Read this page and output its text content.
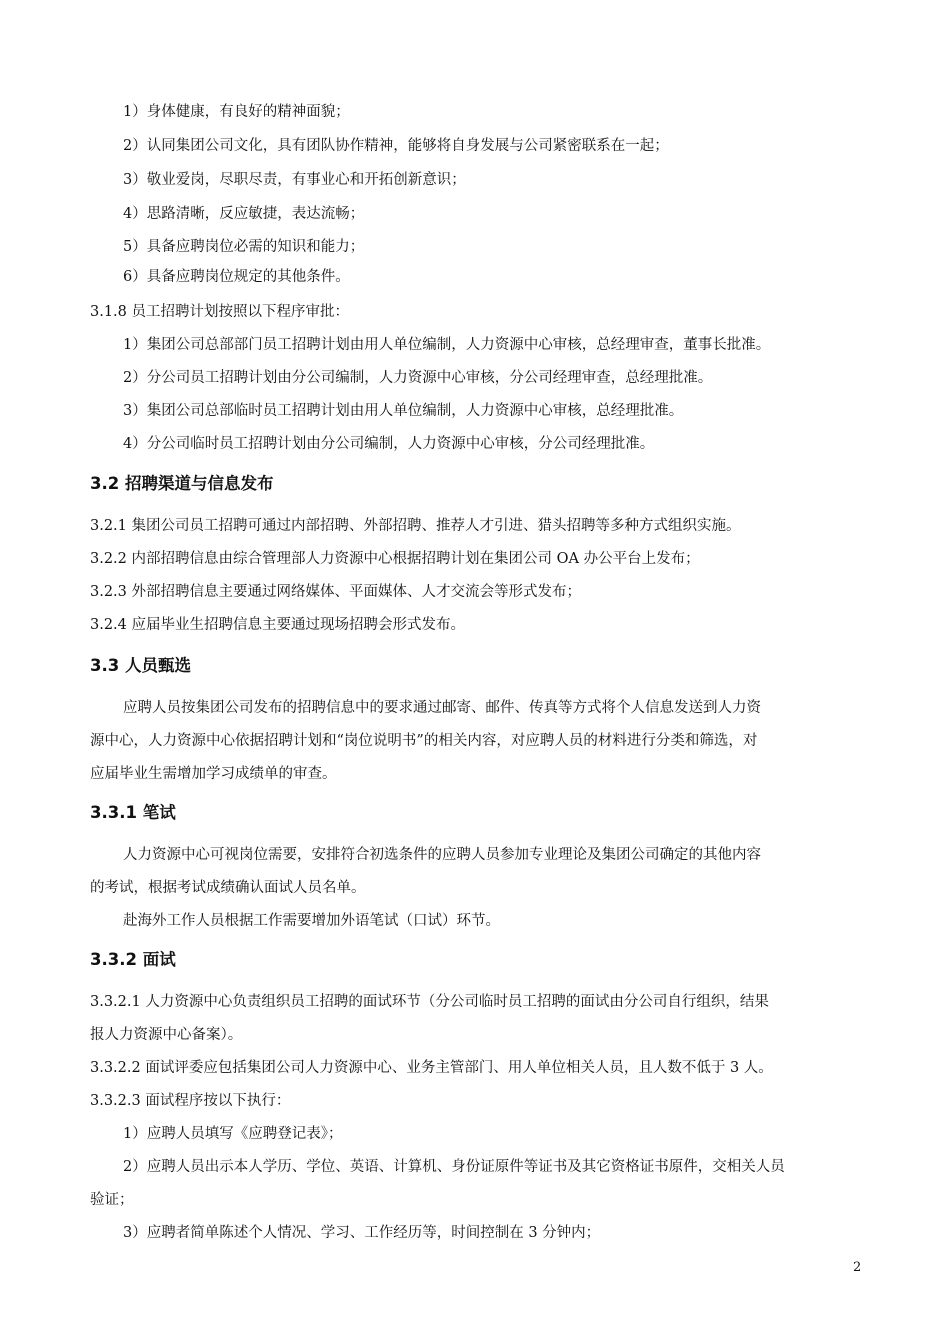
1）身体健康，有良好的精神面貌；
2）认同集团公司文化，具有团队协作精神，能够将自身发展与公司紧密联系在一起；
3）敬业爱岗，尽职尽责，有事业心和开拓创新意识；
4）思路清晰，反应敏捷，表达流畅；
5）具备应聘岗位必需的知识和能力；
6）具备应聘岗位规定的其他条件。
3.1.8 员工招聘计划按照以下程序审批：
1）集团公司总部部门员工招聘计划由用人单位编制，人力资源中心审核，总经理审查，董事长批准。
2）分公司员工招聘计划由分公司编制，人力资源中心审核，分公司经理审查，总经理批准。
3）集团公司总部临时员工招聘计划由用人单位编制，人力资源中心审核，总经理批准。
4）分公司临时员工招聘计划由分公司编制，人力资源中心审核，分公司经理批准。
3.2 招聘渠道与信息发布
3.2.1 集团公司员工招聘可通过内部招聘、外部招聘、推荐人才引进、猎头招聘等多种方式组织实施。
3.2.2 内部招聘信息由综合管理部人力资源中心根据招聘计划在集团公司 OA 办公平台上发布；
3.2.3 外部招聘信息主要通过网络媒体、平面媒体、人才交流会等形式发布；
3.2.4 应届毕业生招聘信息主要通过现场招聘会形式发布。
3.3 人员甄选
应聘人员按集团公司发布的招聘信息中的要求通过邮寄、邮件、传真等方式将个人信息发送到人力资
源中心，人力资源中心依据招聘计划和“岗位说明书”的相关内容，对应聘人员的材料进行分类和筛选，对
应届毕业生需增加学习成绩单的审查。
3.3.1 笔试
人力资源中心可视岗位需要，安排符合初选条件的应聘人员参加专业理论及集团公司确定的其他内容
的考试，根据考试成绩确认面试人员名单。
赴海外工作人员根据工作需要增加外语笔试（口试）环节。
3.3.2 面试
3.3.2.1 人力资源中心负责组织员工招聘的面试环节（分公司临时员工招聘的面试由分公司自行组织，结果
报人力资源中心备案）。
3.3.2.2 面试评委应包括集团公司人力资源中心、业务主管部门、用人单位相关人员，且人数不低于 3 人。
3.3.2.3 面试程序按以下执行：
1）应聘人员填写《应聘登记表》；
2）应聘人员出示本人学历、学位、英语、计算机、身份证原件等证书及其它资格证书原件，交相关人员
验证；
3）应聘者简单陈述个人情况、学习、工作经历等，时间控制在 3 分钟内；
2
